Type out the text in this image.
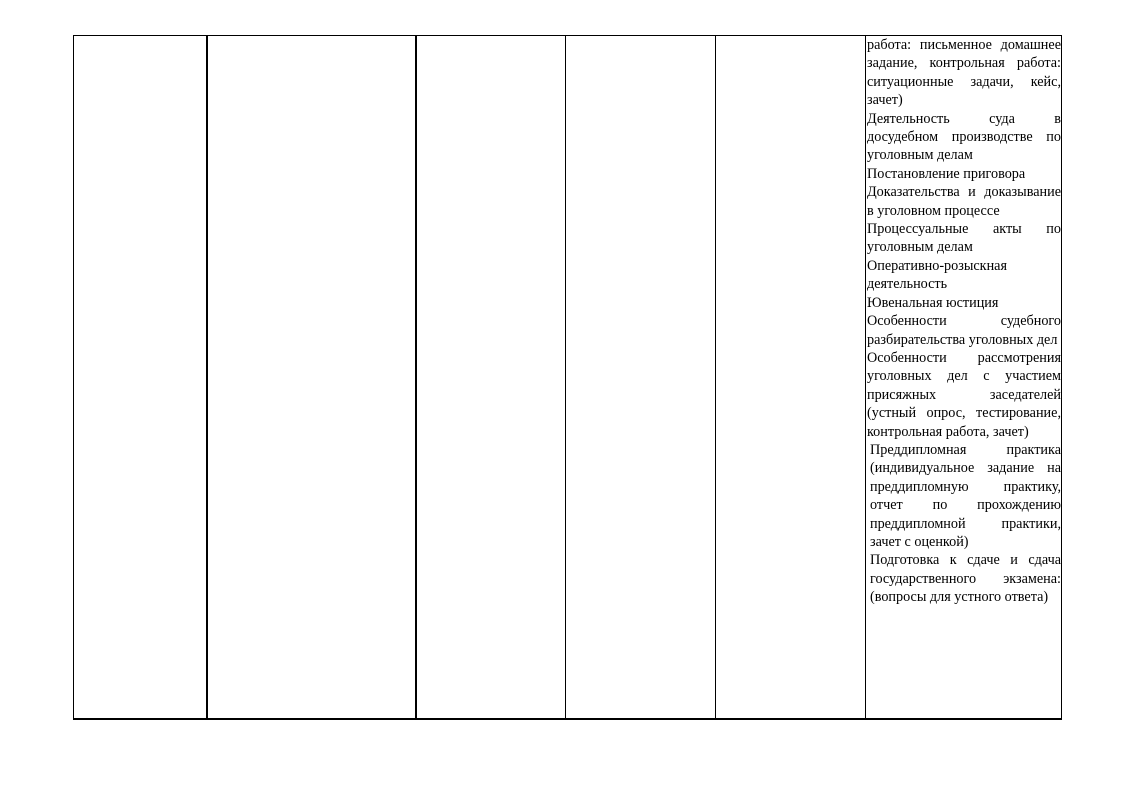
работа: письменное домашнее задание, контрольная работа: ситуационные задачи, кейс, зачет)

Деятельность суда в досудебном производстве по уголовным делам

Постановление приговора

Доказательства и доказывание в уголовном процессе

Процессуальные акты по уголовным делам

Оперативно-розыскная деятельность

Ювенальная юстиция

Особенности судебного разбирательства уголовных дел

Особенности рассмотрения уголовных дел с участием присяжных заседателей (устный опрос, тестирование, контрольная работа, зачет)

Преддипломная практика (индивидуальное задание на преддипломную практику, отчет по прохождению преддипломной практики, зачет с оценкой)

Подготовка к сдаче и сдача государственного экзамена: (вопросы для устного ответа)
